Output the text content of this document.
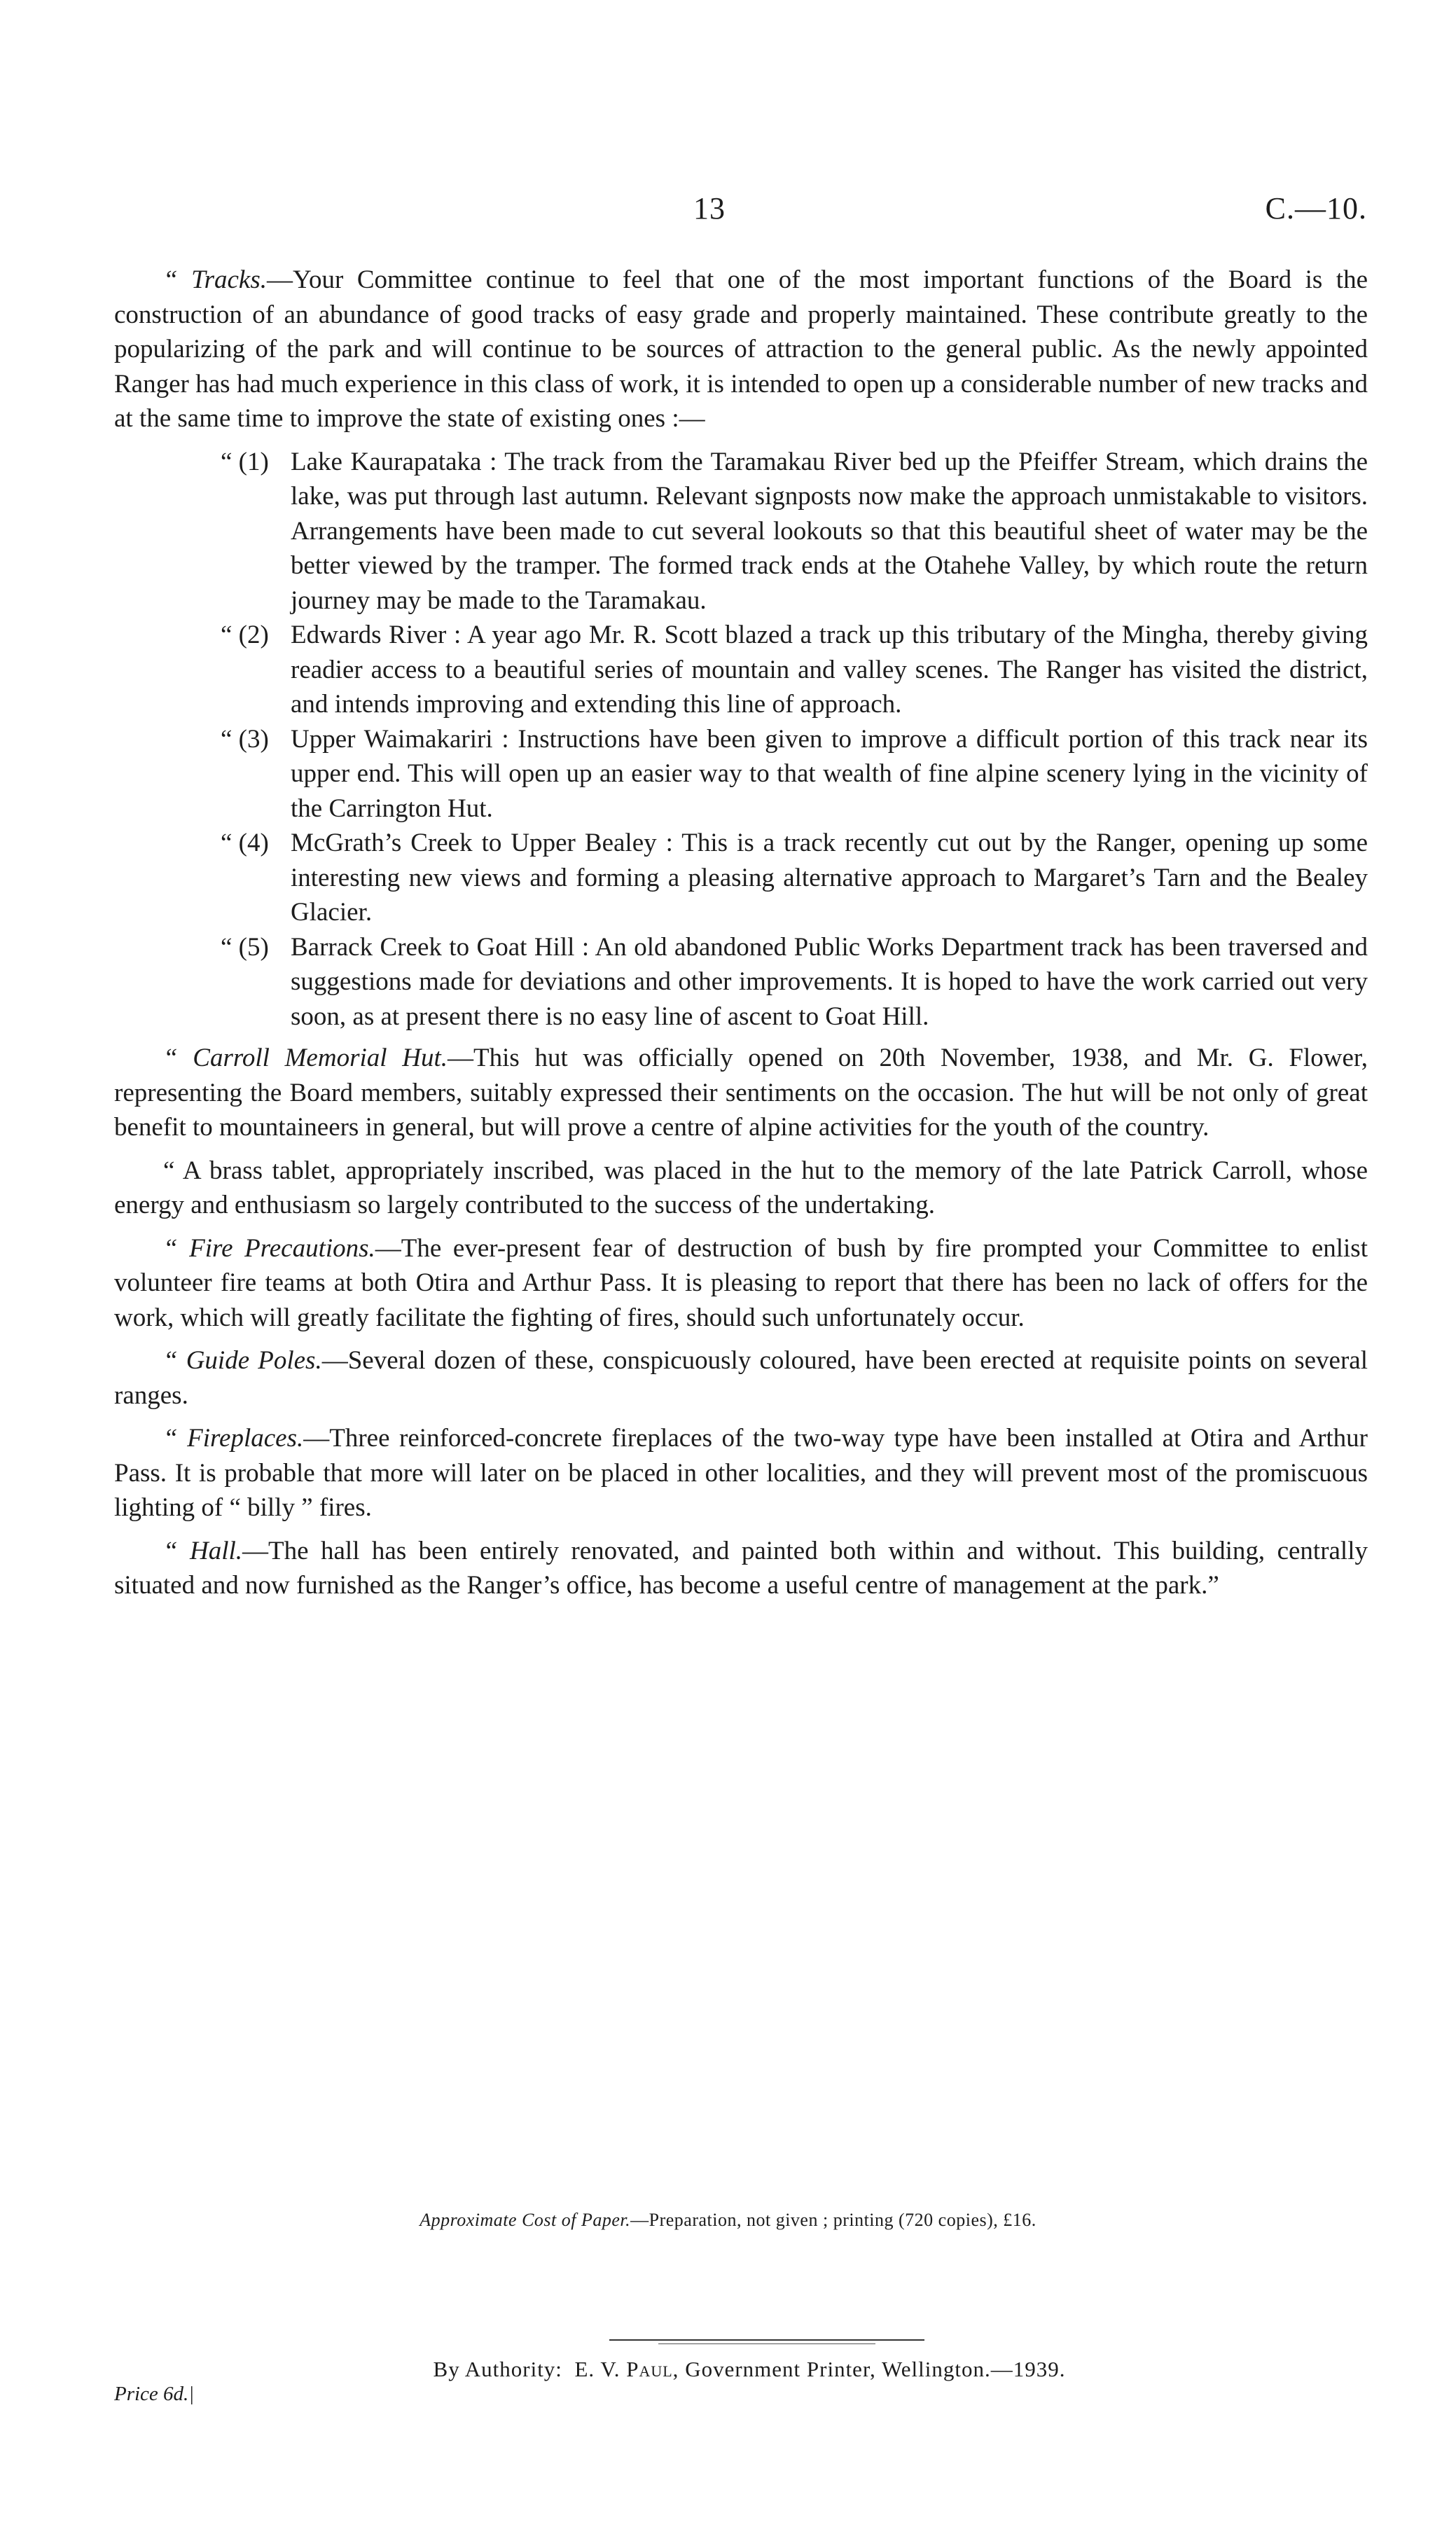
13	C.—10.

“ Tracks.—Your Committee continue to feel that one of the most important functions of the Board is the construction of an abundance of good tracks of easy grade and properly maintained. These contribute greatly to the popularizing of the park and will continue to be sources of attraction to the general public. As the newly appointed Ranger has had much experience in this class of work, it is intended to open up a considerable number of new tracks and at the same time to improve the state of existing ones :—

“ (1) Lake Kaurapataka : The track from the Taramakau River bed up the Pfeiffer Stream, which drains the lake, was put through last autumn. Relevant signposts now make the approach unmistakable to visitors. Arrangements have been made to cut several lookouts so that this beautiful sheet of water may be the better viewed by the tramper. The formed track ends at the Otahehe Valley, by which route the return journey may be made to the Taramakau.
“ (2) Edwards River : A year ago Mr. R. Scott blazed a track up this tributary of the Mingha, thereby giving readier access to a beautiful series of mountain and valley scenes. The Ranger has visited the district, and intends improving and extending this line of approach.
“ (3) Upper Waimakariri : Instructions have been given to improve a difficult portion of this track near its upper end. This will open up an easier way to that wealth of fine alpine scenery lying in the vicinity of the Carrington Hut.
“ (4) McGrath’s Creek to Upper Bealey : This is a track recently cut out by the Ranger, opening up some interesting new views and forming a pleasing alternative approach to Margaret’s Tarn and the Bealey Glacier.
“ (5) Barrack Creek to Goat Hill : An old abandoned Public Works Department track has been traversed and suggestions made for deviations and other improvements. It is hoped to have the work carried out very soon, as at present there is no easy line of ascent to Goat Hill.

“ Carroll Memorial Hut.—This hut was officially opened on 20th November, 1938, and Mr. G. Flower, representing the Board members, suitably expressed their sentiments on the occasion. The hut will be not only of great benefit to mountaineers in general, but will prove a centre of alpine activities for the youth of the country.

“ A brass tablet, appropriately inscribed, was placed in the hut to the memory of the late Patrick Carroll, whose energy and enthusiasm so largely contributed to the success of the undertaking.

“ Fire Precautions.—The ever-present fear of destruction of bush by fire prompted your Committee to enlist volunteer fire teams at both Otira and Arthur Pass. It is pleasing to report that there has been no lack of offers for the work, which will greatly facilitate the fighting of fires, should such unfortunately occur.

“ Guide Poles.—Several dozen of these, conspicuously coloured, have been erected at requisite points on several ranges.

“ Fireplaces.—Three reinforced-concrete fireplaces of the two-way type have been installed at Otira and Arthur Pass. It is probable that more will later on be placed in other localities, and they will prevent most of the promiscuous lighting of “ billy ” fires.

“ Hall.—The hall has been entirely renovated, and painted both within and without. This building, centrally situated and now furnished as the Ranger’s office, has become a useful centre of management at the park.”

Approximate Cost of Paper.—Preparation, not given ; printing (720 copies), £16.
By Authority: E. V. Paul, Government Printer, Wellington.—1939.
Price 6d.|
